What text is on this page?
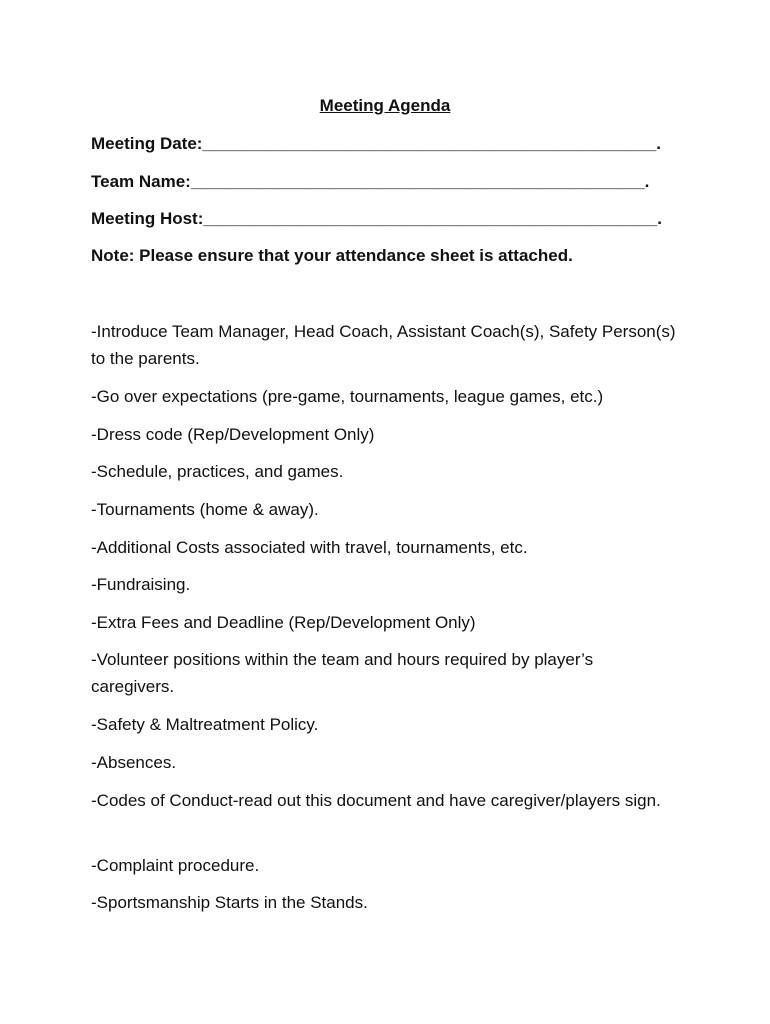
Meeting Agenda
Meeting Date:________________________________________________.
Team Name:________________________________________________.
Meeting Host:________________________________________________.
Note: Please ensure that your attendance sheet is attached.
-Introduce Team Manager, Head Coach, Assistant Coach(s), Safety Person(s) to the parents.
-Go over expectations (pre-game, tournaments, league games, etc.)
-Dress code (Rep/Development Only)
-Schedule, practices, and games.
-Tournaments (home & away).
-Additional Costs associated with travel, tournaments, etc.
-Fundraising.
-Extra Fees and Deadline (Rep/Development Only)
-Volunteer positions within the team and hours required by player’s caregivers.
-Safety & Maltreatment Policy.
-Absences.
-Codes of Conduct-read out this document and have caregiver/players sign.
-Complaint procedure.
-Sportsmanship Starts in the Stands.
